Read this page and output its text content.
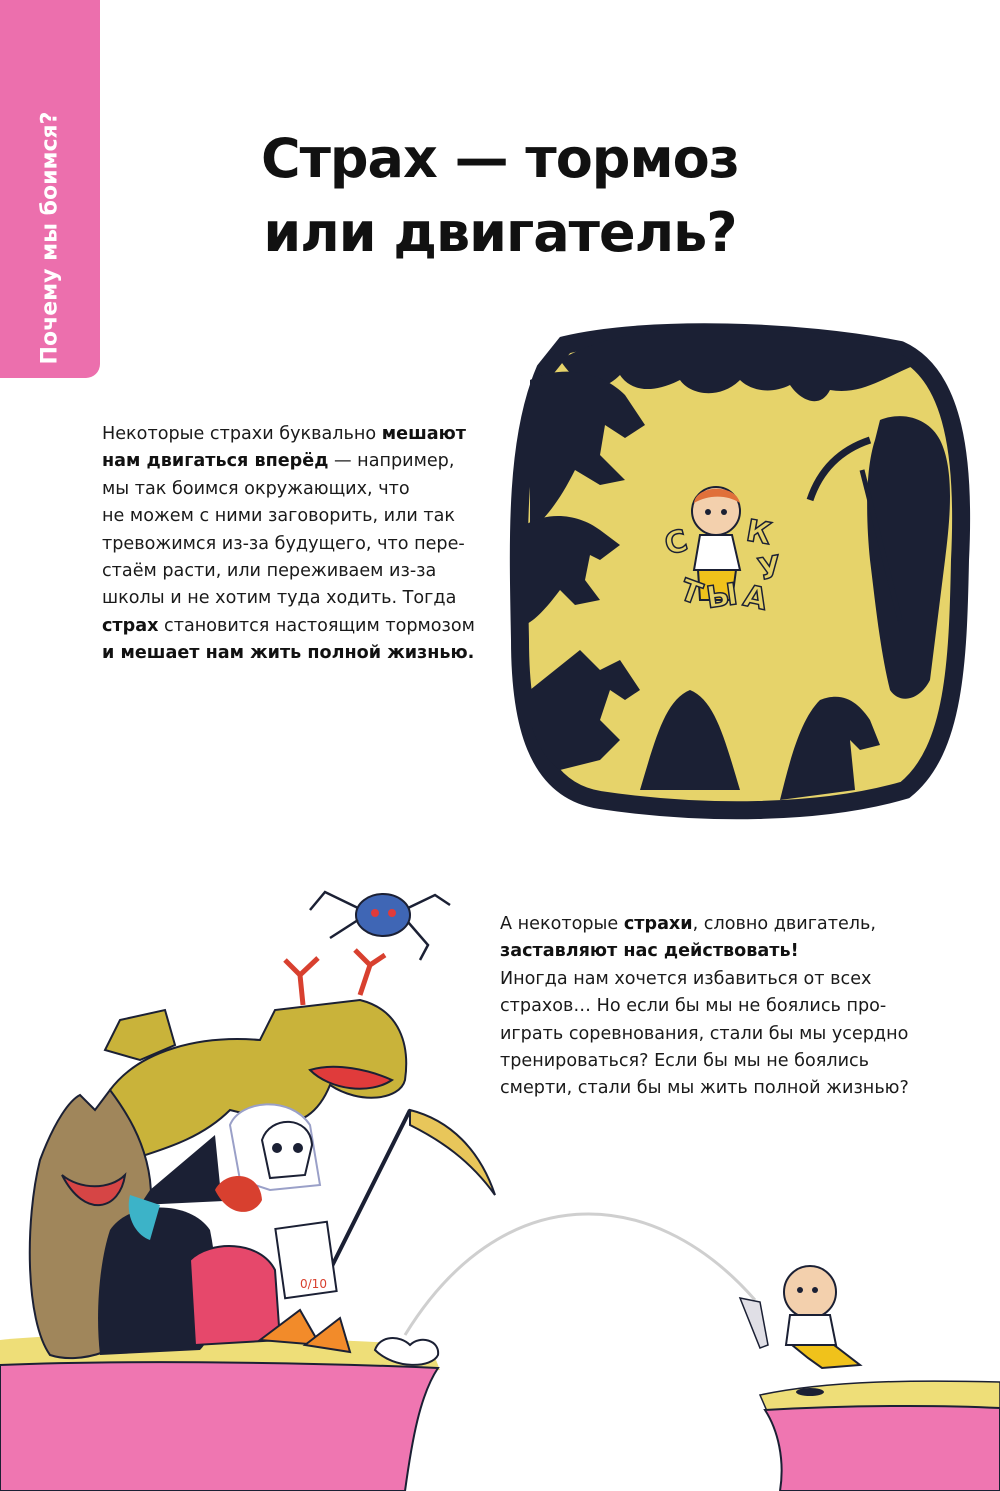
Почему мы боимся?	Страх — тормоз
или двигатель?
Некоторые страхи буквально мешают
нам двигаться вперёд — например,
мы так боимся окружающих, что
не можем с ними заговорить, или так
тревожимся из-за будущего, что пере-
стаём расти, или переживаем из-за
школы и не хотим туда ходить. Тогда
страх становится настоящим тормозом
и мешает нам жить полной жизнью.
А некоторые страхи, словно двигатель,
заставляют нас действовать!
Иногда нам хочется избавиться от всех
страхов… Но если бы мы не боялись про-
играть соревнования, стали бы мы усердно
тренироваться? Если бы мы не боялись
смерти, стали бы мы жить полной жизнью?
С К
У
Т
Ы А
0/10
